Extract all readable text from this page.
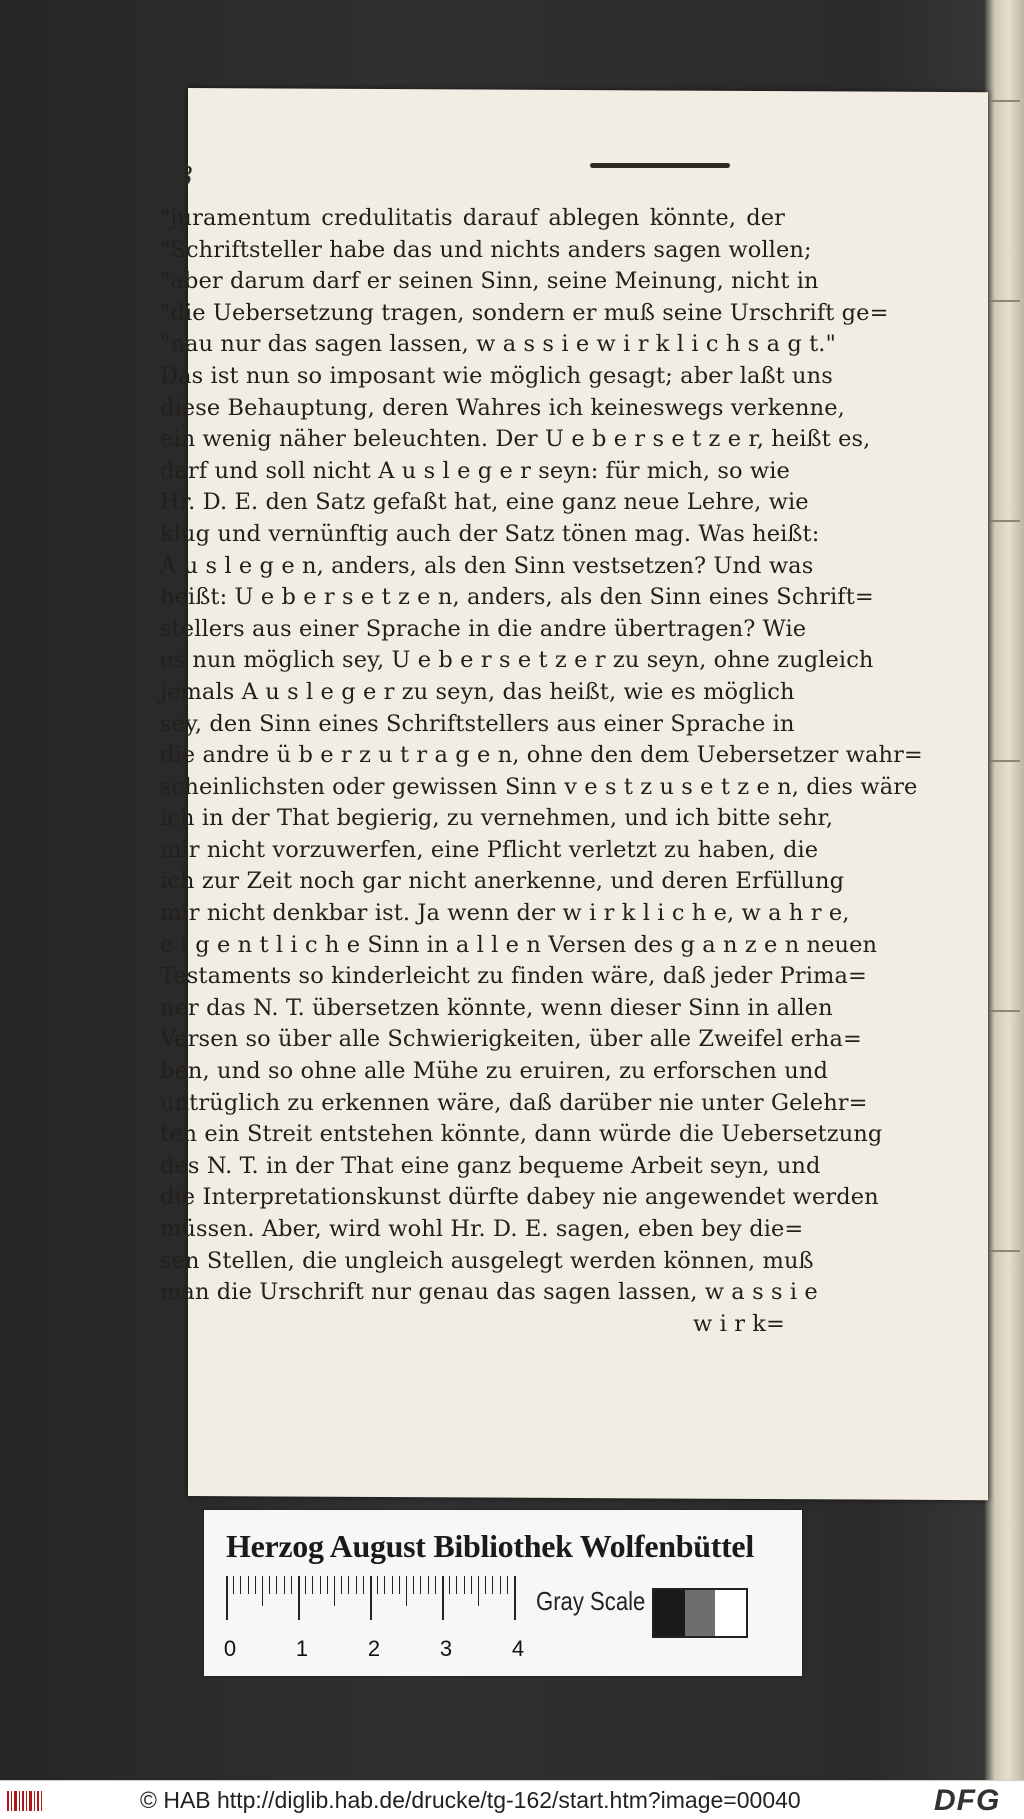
38
"juramentum credulitatis darauf ablegen könnte, der
"Schriftsteller habe das und nichts anders sagen wollen;
"aber darum darf er seinen Sinn, seine Meinung, nicht in
"die Uebersetzung tragen, sondern er muß seine Urschrift ge=
"nau nur das sagen lassen, w a s s i e w i r k l i c h s a g t."
Das ist nun so imposant wie möglich gesagt; aber laßt uns
diese Behauptung, deren Wahres ich keineswegs verkenne,
ein wenig näher beleuchten. Der U e b e r s e t z e r, heißt es,
darf und soll nicht A u s l e g e r seyn: für mich, so wie
Hr. D. E. den Satz gefaßt hat, eine ganz neue Lehre, wie
klug und vernünftig auch der Satz tönen mag. Was heißt:
A u s l e g e n, anders, als den Sinn vestsetzen? Und was
heißt: U e b e r s e t z e n, anders, als den Sinn eines Schrift=
stellers aus einer Sprache in die andre übertragen? Wie
es nun möglich sey, U e b e r s e t z e r zu seyn, ohne zugleich
jemals A u s l e g e r zu seyn, das heißt, wie es möglich
sey, den Sinn eines Schriftstellers aus einer Sprache in
die andre ü b e r z u t r a g e n, ohne den dem Uebersetzer wahr=
scheinlichsten oder gewissen Sinn v e s t z u s e t z e n, dies wäre
ich in der That begierig, zu vernehmen, und ich bitte sehr,
mir nicht vorzuwerfen, eine Pflicht verletzt zu haben, die
ich zur Zeit noch gar nicht anerkenne, und deren Erfüllung
mir nicht denkbar ist. Ja wenn der w i r k l i c h e, w a h r e,
e i g e n t l i c h e Sinn in a l l e n Versen des g a n z e n neuen
Testaments so kinderleicht zu finden wäre, daß jeder Prima=
ner das N. T. übersetzen könnte, wenn dieser Sinn in allen
Versen so über alle Schwierigkeiten, über alle Zweifel erha=
ben, und so ohne alle Mühe zu eruiren, zu erforschen und
untrüglich zu erkennen wäre, daß darüber nie unter Gelehr=
ten ein Streit entstehen könnte, dann würde die Uebersetzung
des N. T. in der That eine ganz bequeme Arbeit seyn, und
die Interpretationskunst dürfte dabey nie angewendet werden
müssen. Aber, wird wohl Hr. D. E. sagen, eben bey die=
sen Stellen, die ungleich ausgelegt werden können, muß
man die Urschrift nur genau das sagen lassen, w a s s i e
w i r k=
Herzog August Bibliothek Wolfenbüttel
0	1	2	3	4
Gray Scale
© HAB http://diglib.hab.de/drucke/tg-162/start.htm?image=00040	DFG
